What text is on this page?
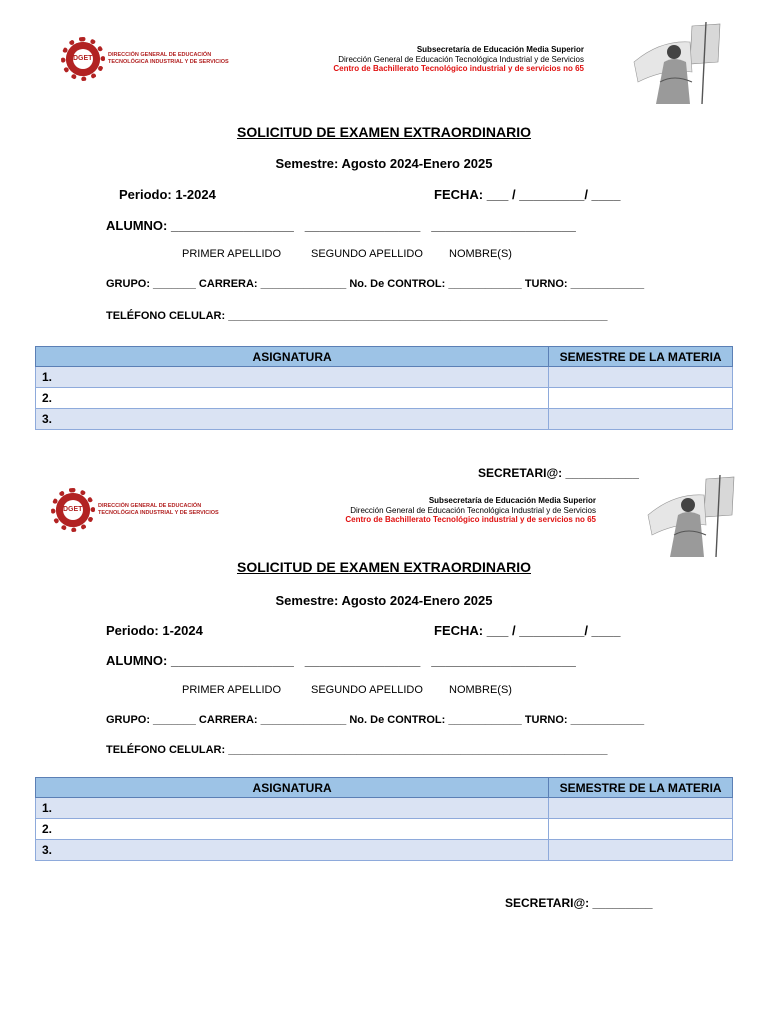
DGETI DIRECCIÓN GENERAL DE EDUCACIÓN TECNOLÓGICA INDUSTRIAL Y DE SERVICIOS
Subsecretaría de Educación Media Superior
Dirección General de Educación Tecnológica Industrial y de Servicios
Centro de Bachillerato Tecnológico industrial y de servicios no 65
SOLICITUD DE EXAMEN EXTRAORDINARIO
Semestre: Agosto 2024-Enero 2025
Periodo: 1-2024	FECHA: ___ / _________/ ____
ALUMNO: _________________   ________________   ____________________
PRIMER APELLIDO	SEGUNDO APELLIDO NOMBRE(S)
GRUPO: _______ CARRERA: ______________ No. De CONTROL: ____________ TURNO: ____________
TELÉFONO CELULAR: ______________________________________________________________
ASIGNATURA	SEMESTRE DE LA MATERIA
1.	
2.	
3.	
SECRETARI@: ___________
DGETI DIRECCIÓN GENERAL DE EDUCACIÓN TECNOLÓGICA INDUSTRIAL Y DE SERVICIOS
Subsecretaría de Educación Media Superior
Dirección General de Educación Tecnológica Industrial y de Servicios
Centro de Bachillerato Tecnológico industrial y de servicios no 65
SOLICITUD DE EXAMEN EXTRAORDINARIO
Semestre: Agosto 2024-Enero 2025
Periodo: 1-2024	FECHA: ___ / _________/ ____
ALUMNO: _________________   ________________   ____________________
PRIMER APELLIDO	SEGUNDO APELLIDO NOMBRE(S)
GRUPO: _______ CARRERA: ______________ No. De CONTROL: ____________ TURNO: ____________
TELÉFONO CELULAR: ______________________________________________________________
ASIGNATURA	SEMESTRE DE LA MATERIA
1.	
2.	
3.	
SECRETARI@: _________
